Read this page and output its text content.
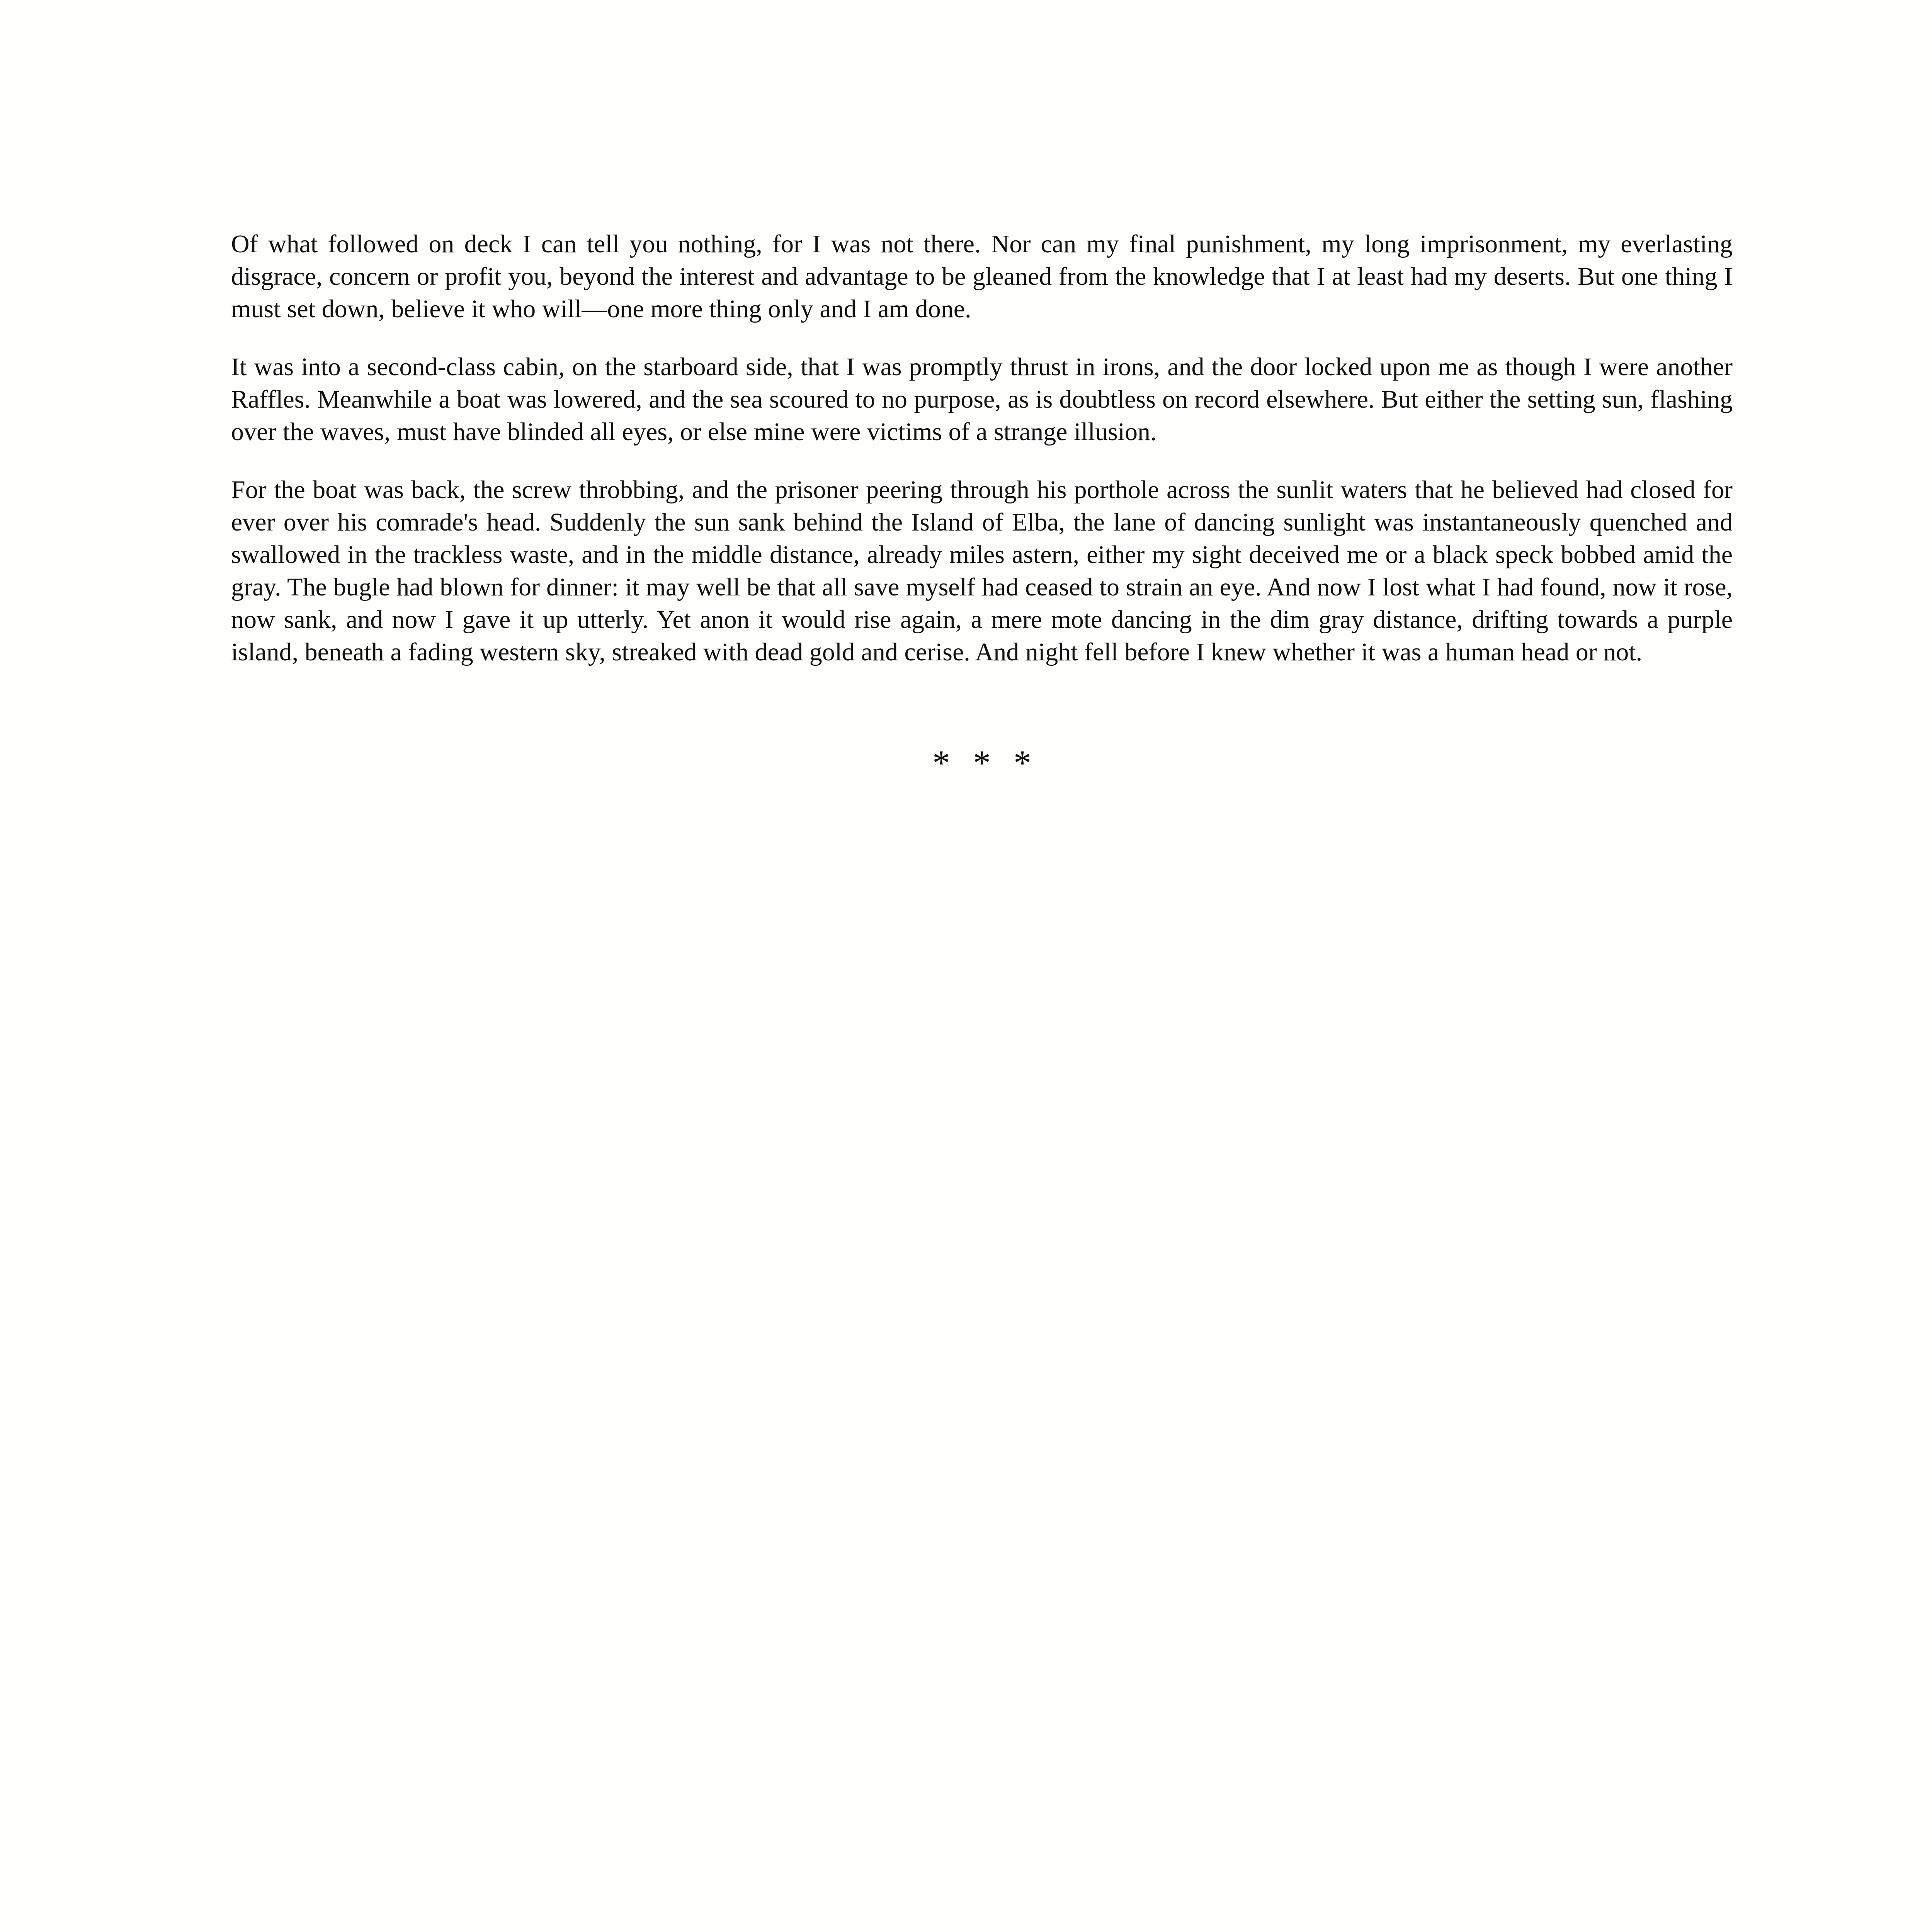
Of what followed on deck I can tell you nothing, for I was not there. Nor can my final punishment, my long imprisonment, my everlasting disgrace, concern or profit you, beyond the interest and advantage to be gleaned from the knowledge that I at least had my deserts. But one thing I must set down, believe it who will—one more thing only and I am done.

It was into a second-class cabin, on the starboard side, that I was promptly thrust in irons, and the door locked upon me as though I were another Raffles. Meanwhile a boat was lowered, and the sea scoured to no purpose, as is doubtless on record elsewhere. But either the setting sun, flashing over the waves, must have blinded all eyes, or else mine were victims of a strange illusion.

For the boat was back, the screw throbbing, and the prisoner peering through his porthole across the sunlit waters that he believed had closed for ever over his comrade's head. Suddenly the sun sank behind the Island of Elba, the lane of dancing sunlight was instantaneously quenched and swallowed in the trackless waste, and in the middle distance, already miles astern, either my sight deceived me or a black speck bobbed amid the gray. The bugle had blown for dinner: it may well be that all save myself had ceased to strain an eye. And now I lost what I had found, now it rose, now sank, and now I gave it up utterly. Yet anon it would rise again, a mere mote dancing in the dim gray distance, drifting towards a purple island, beneath a fading western sky, streaked with dead gold and cerise. And night fell before I knew whether it was a human head or not.

* * *
